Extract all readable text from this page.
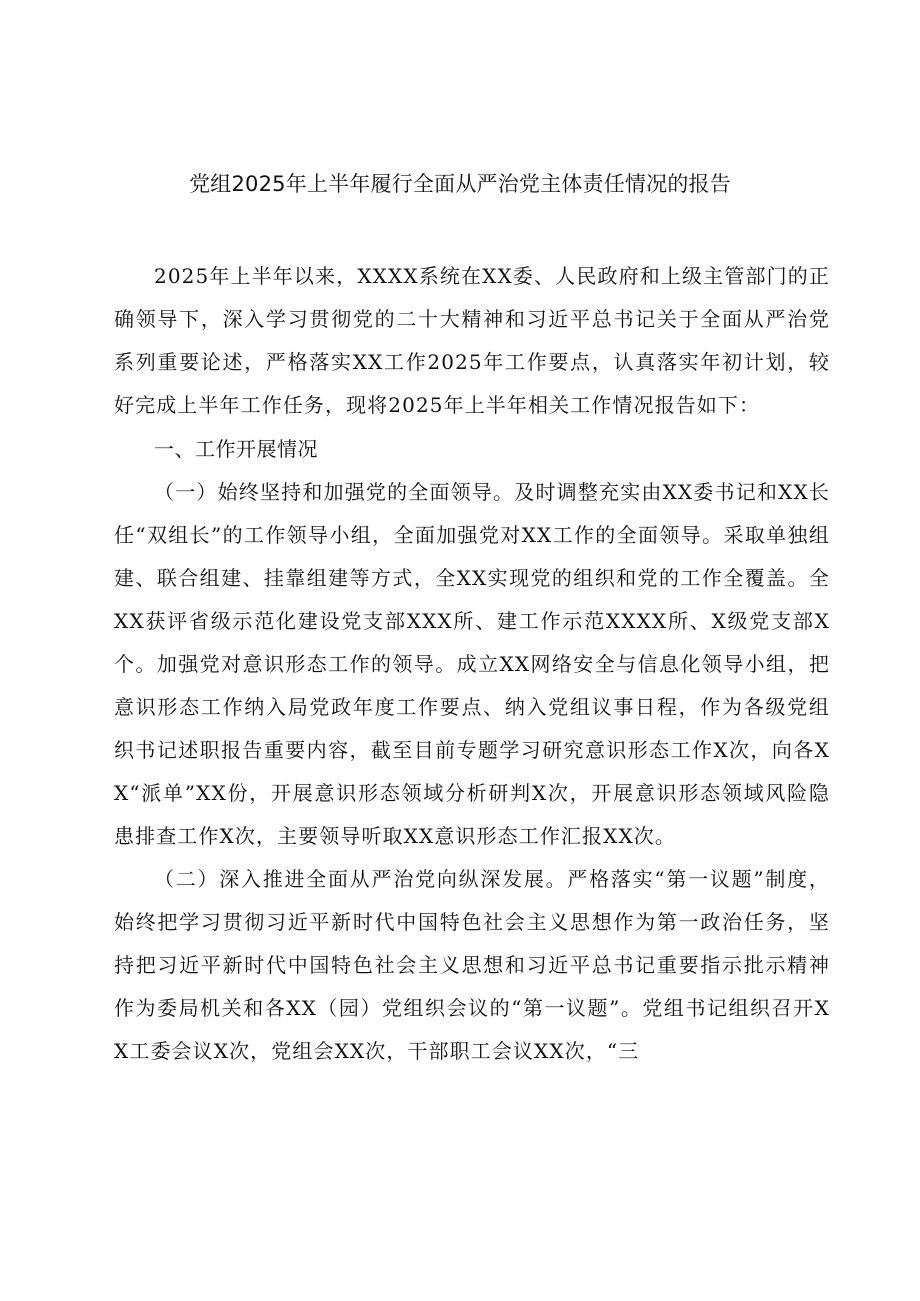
党组2025年上半年履行全面从严治党主体责任情况的报告

2025年上半年以来，XXXX系统在XX委、人民政府和上级主管部门的正确领导下，深入学习贯彻党的二十大精神和习近平总书记关于全面从严治党系列重要论述，严格落实XX工作2025年工作要点，认真落实年初计划，较好完成上半年工作任务，现将2025年上半年相关工作情况报告如下：

一、工作开展情况

（一）始终坚持和加强党的全面领导。及时调整充实由XX委书记和XX长任“双组长”的工作领导小组，全面加强党对XX工作的全面领导。采取单独组建、联合组建、挂靠组建等方式，全XX实现党的组织和党的工作全覆盖。全XX获评省级示范化建设党支部XXX所、建工作示范XXXX所、X级党支部X个。加强党对意识形态工作的领导。成立XX网络安全与信息化领导小组，把意识形态工作纳入局党政年度工作要点、纳入党组议事日程，作为各级党组织书记述职报告重要内容，截至目前专题学习研究意识形态工作X次，向各XX“派单”XX份，开展意识形态领域分析研判X次，开展意识形态领域风险隐患排查工作X次，主要领导听取XX意识形态工作汇报XX次。

（二）深入推进全面从严治党向纵深发展。严格落实“第一议题”制度，始终把学习贯彻习近平新时代中国特色社会主义思想作为第一政治任务，坚持把习近平新时代中国特色社会主义思想和习近平总书记重要指示批示精神作为委局机关和各XX（园）党组织会议的“第一议题”。党组书记组织召开XX工委会议X次，党组会XX次，干部职工会议XX次，“三
